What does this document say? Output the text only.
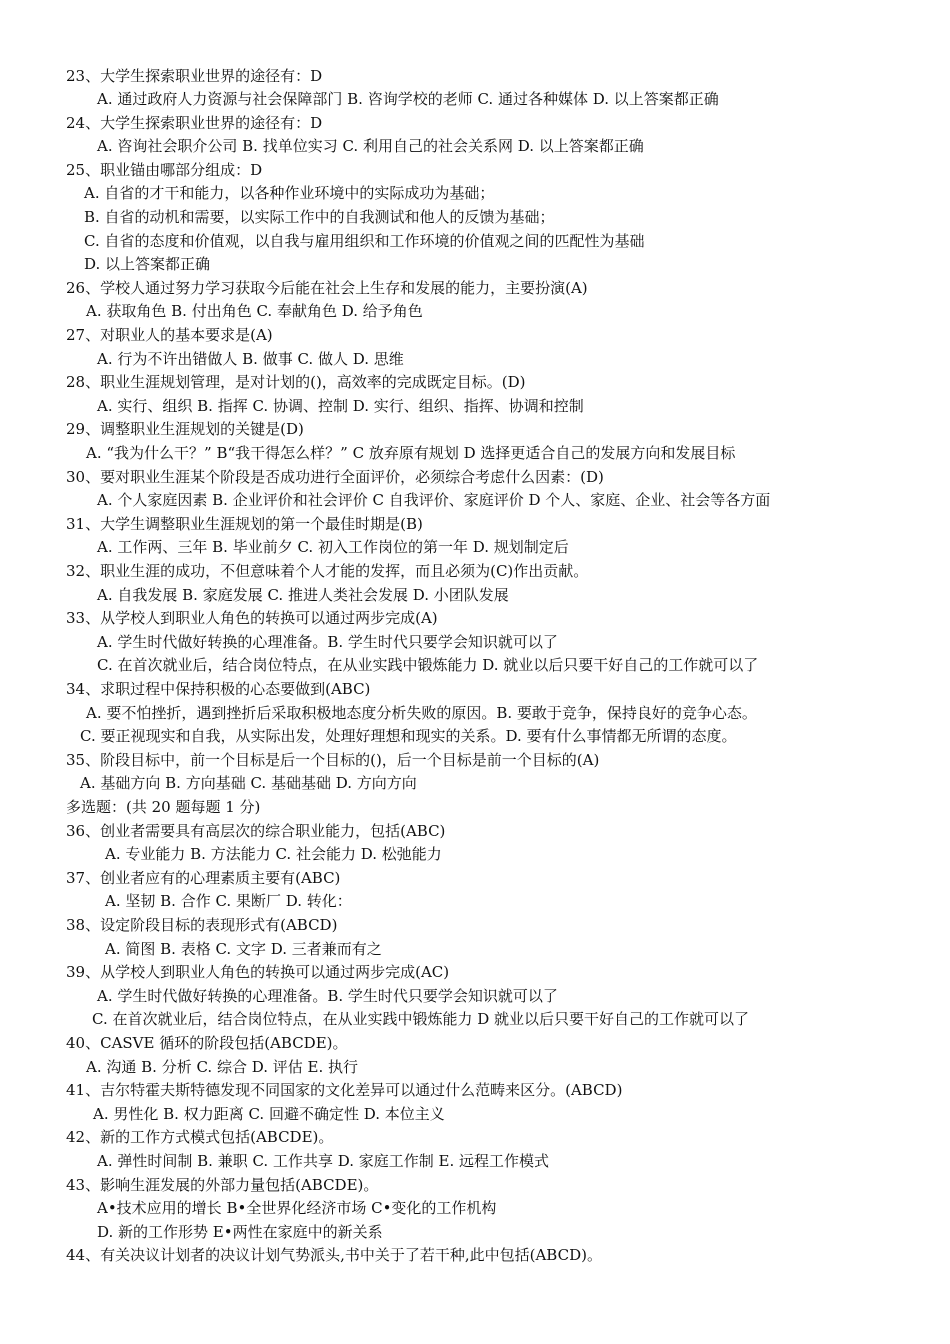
23、大学生探索职业世界的途径有：D
A. 通过政府人力资源与社会保障部门 B. 咨询学校的老师 C. 通过各种媒体 D. 以上答案都正确
24、大学生探索职业世界的途径有：D
A. 咨询社会职介公司 B. 找单位实习 C. 利用自己的社会关系网 D. 以上答案都正确
25、职业锚由哪部分组成：D
A. 自省的才干和能力，以各种作业环境中的实际成功为基础；
B. 自省的动机和需要，以实际工作中的自我测试和他人的反馈为基础；
C. 自省的态度和价值观，以自我与雇用组织和工作环境的价值观之间的匹配性为基础
D. 以上答案都正确
26、学校人通过努力学习获取今后能在社会上生存和发展的能力，主要扮演(A)
A. 获取角色 B. 付出角色 C. 奉献角色 D. 给予角色
27、对职业人的基本要求是(A)
A. 行为不许出错做人 B. 做事 C. 做人 D. 思维
28、职业生涯规划管理，是对计划的()，高效率的完成既定目标。(D)
A. 实行、组织 B. 指挥 C. 协调、控制 D. 实行、组织、指挥、协调和控制
29、调整职业生涯规划的关键是(D)
A. “我为什么干？” B“我干得怎么样？” C 放弃原有规划 D 选择更适合自己的发展方向和发展目标
30、要对职业生涯某个阶段是否成功进行全面评价，必须综合考虑什么因素：(D)
A. 个人家庭因素 B. 企业评价和社会评价 C 自我评价、家庭评价 D 个人、家庭、企业、社会等各方面
31、大学生调整职业生涯规划的第一个最佳时期是(B)
A. 工作两、三年 B. 毕业前夕 C. 初入工作岗位的第一年 D. 规划制定后
32、职业生涯的成功，不但意味着个人才能的发挥，而且必须为(C)作出贡献。
A. 自我发展 B. 家庭发展 C. 推进人类社会发展 D. 小团队发展
33、从学校人到职业人角色的转换可以通过两步完成(A)
A. 学生时代做好转换的心理准备。B. 学生时代只要学会知识就可以了
C. 在首次就业后，结合岗位特点，在从业实践中锻炼能力 D. 就业以后只要干好自己的工作就可以了
34、求职过程中保持积极的心态要做到(ABC)
A. 要不怕挫折，遇到挫折后采取积极地态度分析失败的原因。B. 要敢于竞争，保持良好的竞争心态。
C. 要正视现实和自我，从实际出发，处理好理想和现实的关系。D. 要有什么事情都无所谓的态度。
35、阶段目标中，前一个目标是后一个目标的()，后一个目标是前一个目标的(A)
A. 基础方向 B. 方向基础 C. 基础基础 D. 方向方向
多选题：(共 20 题每题 1 分)
36、创业者需要具有高层次的综合职业能力，包括(ABC)
A. 专业能力 B. 方法能力 C. 社会能力 D. 松弛能力
37、创业者应有的心理素质主要有(ABC)
A. 坚韧 B. 合作 C. 果断厂 D. 转化：
38、设定阶段目标的表现形式有(ABCD)
A. 简图 B. 表格 C. 文字 D. 三者兼而有之
39、从学校人到职业人角色的转换可以通过两步完成(AC)
A. 学生时代做好转换的心理准备。B. 学生时代只要学会知识就可以了
C. 在首次就业后，结合岗位特点，在从业实践中锻炼能力 D 就业以后只要干好自己的工作就可以了
40、CASVE 循环的阶段包括(ABCDE)。
A. 沟通 B. 分析 C. 综合 D. 评估 E. 执行
41、吉尔特霍夫斯特德发现不同国家的文化差异可以通过什么范畴来区分。(ABCD)
A. 男性化 B. 权力距离 C. 回避不确定性 D. 本位主义
42、新的工作方式模式包括(ABCDE)。
A. 弹性时间制 B. 兼职 C. 工作共享 D. 家庭工作制 E. 远程工作模式
43、影响生涯发展的外部力量包括(ABCDE)。
A•技术应用的增长 B•全世界化经济市场 C•变化的工作机构
D. 新的工作形势 E•两性在家庭中的新关系
44、有关决议计划者的决议计划气势派头,书中关于了若干种,此中包括(ABCD)。
